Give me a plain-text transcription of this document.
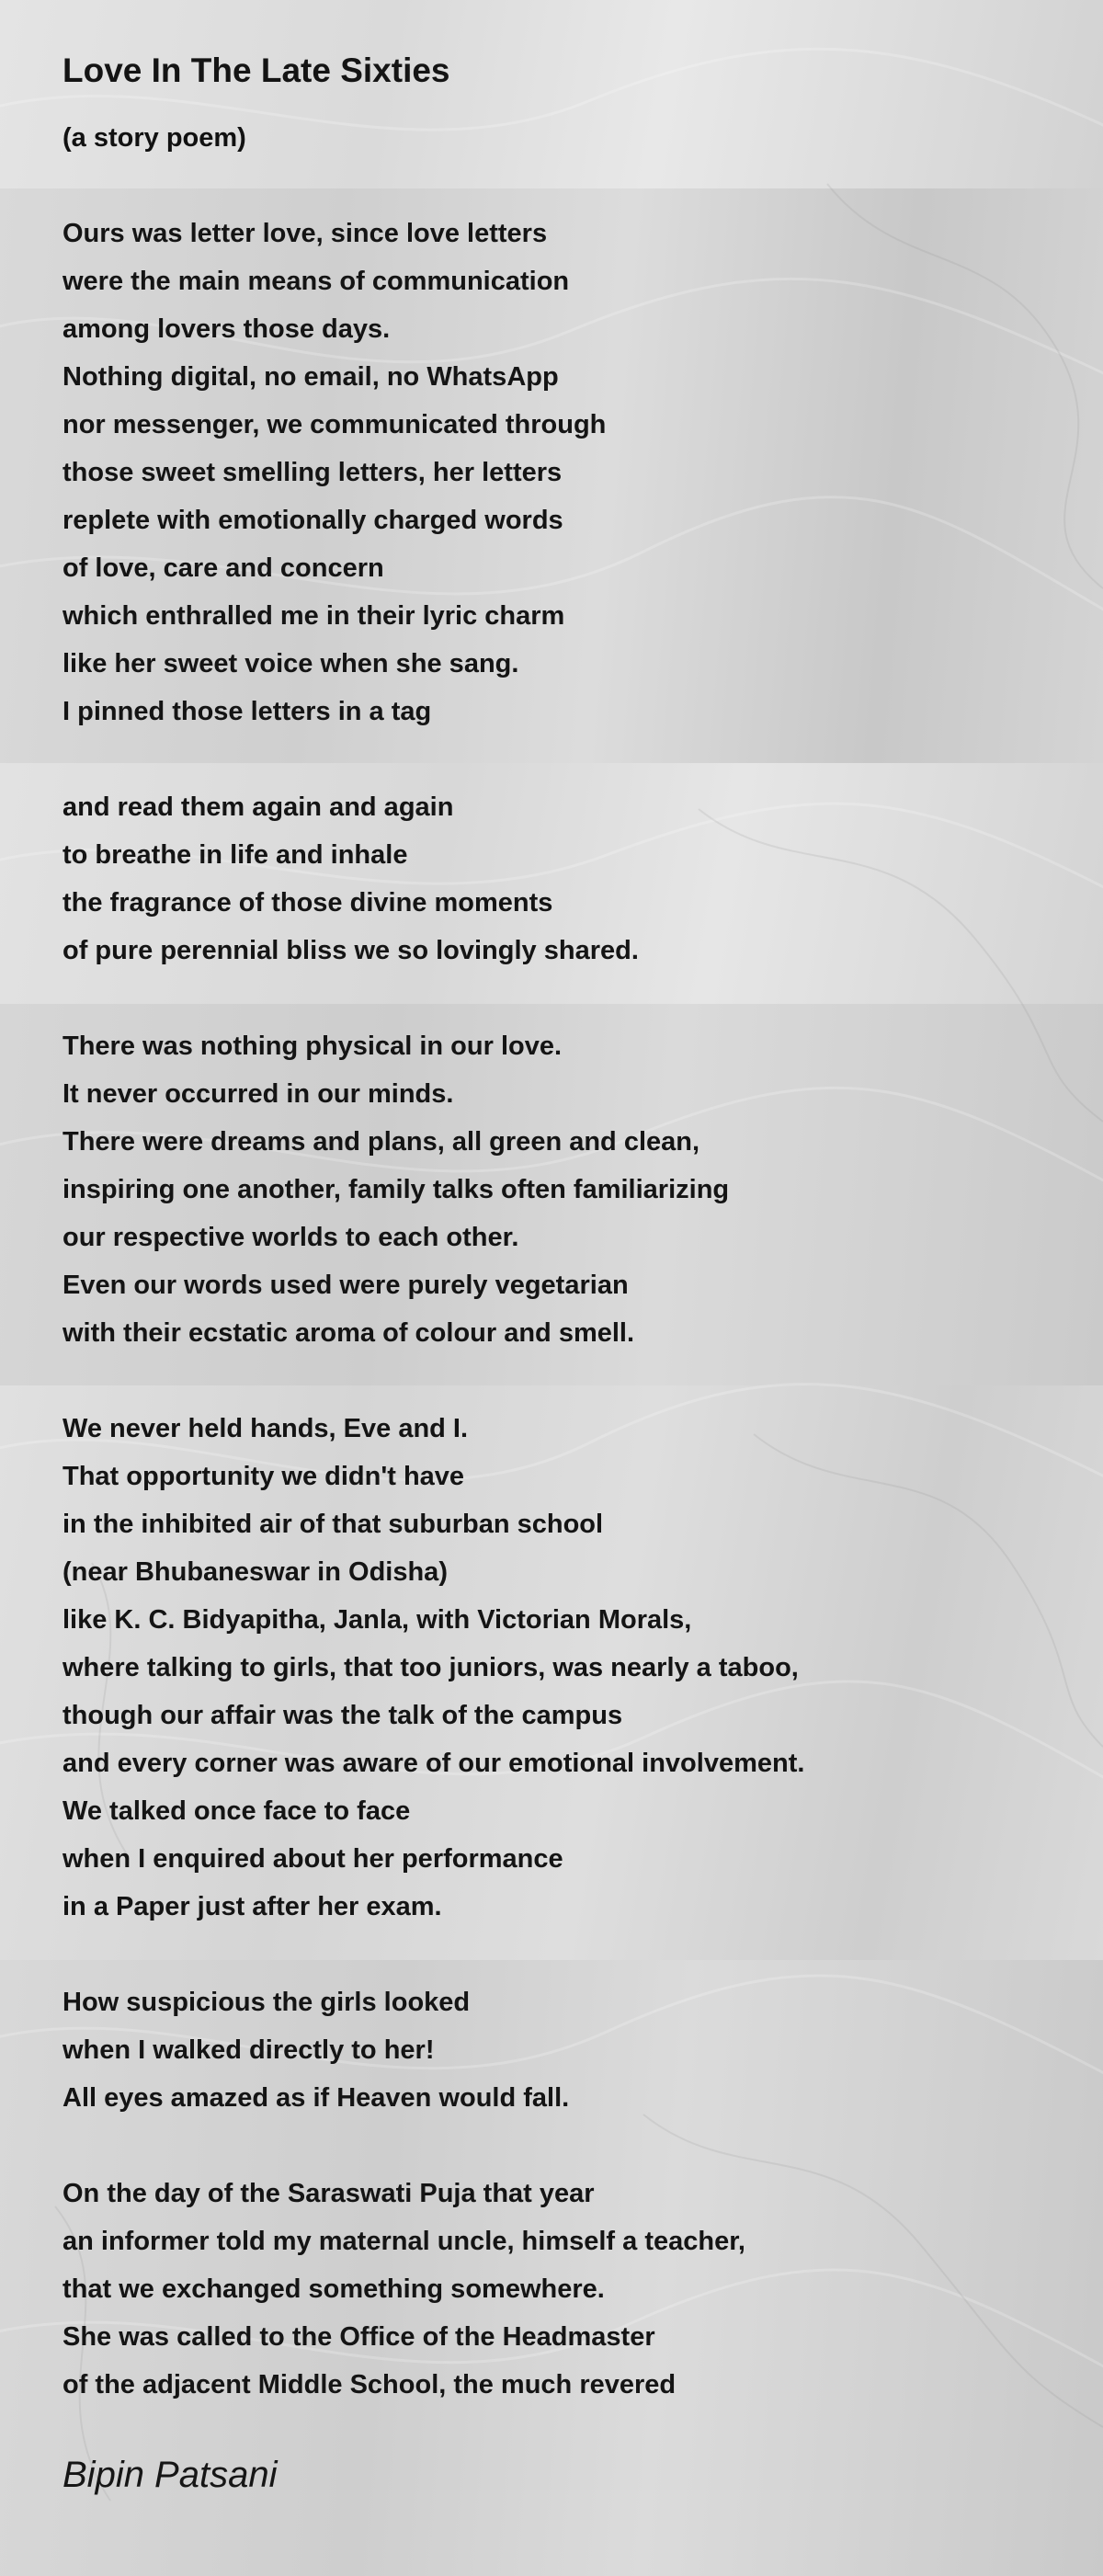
Love In The Late Sixties
(a story poem)
Ours was letter love, since love letters
were the main means of communication
among lovers those days.
Nothing digital, no email, no WhatsApp
nor messenger, we communicated through
those sweet smelling letters, her letters
replete with emotionally charged words
of love, care and concern
which enthralled me in their lyric charm
like her sweet voice when she sang.
I pinned those letters in a tag
and read them again and again
to breathe in life and inhale
the fragrance of those divine moments
of pure perennial bliss we so lovingly shared.
There was nothing physical in our love.
It never occurred in our minds.
There were dreams and plans, all green and clean,
inspiring one another, family talks often familiarizing
our respective worlds to each other.
Even our words used were purely vegetarian
with their ecstatic aroma of colour and smell.
We never held hands, Eve and I.
That opportunity we didn't have
in the inhibited air of that suburban school
(near Bhubaneswar in Odisha)
like K. C. Bidyapitha, Janla, with Victorian Morals,
where talking to girls, that too juniors, was nearly a taboo,
though our affair was the talk of the campus
and every corner was aware of our emotional involvement.
We talked once face to face
when I enquired about her performance
in a Paper just after her exam.
How suspicious the girls looked
when I walked directly to her!
All eyes amazed as if Heaven would fall.
On the day of the Saraswati Puja that year
an informer told my maternal uncle, himself a teacher,
that we exchanged something somewhere.
She was called to the Office of the Headmaster
of the adjacent Middle School, the much revered
Bipin Patsani
